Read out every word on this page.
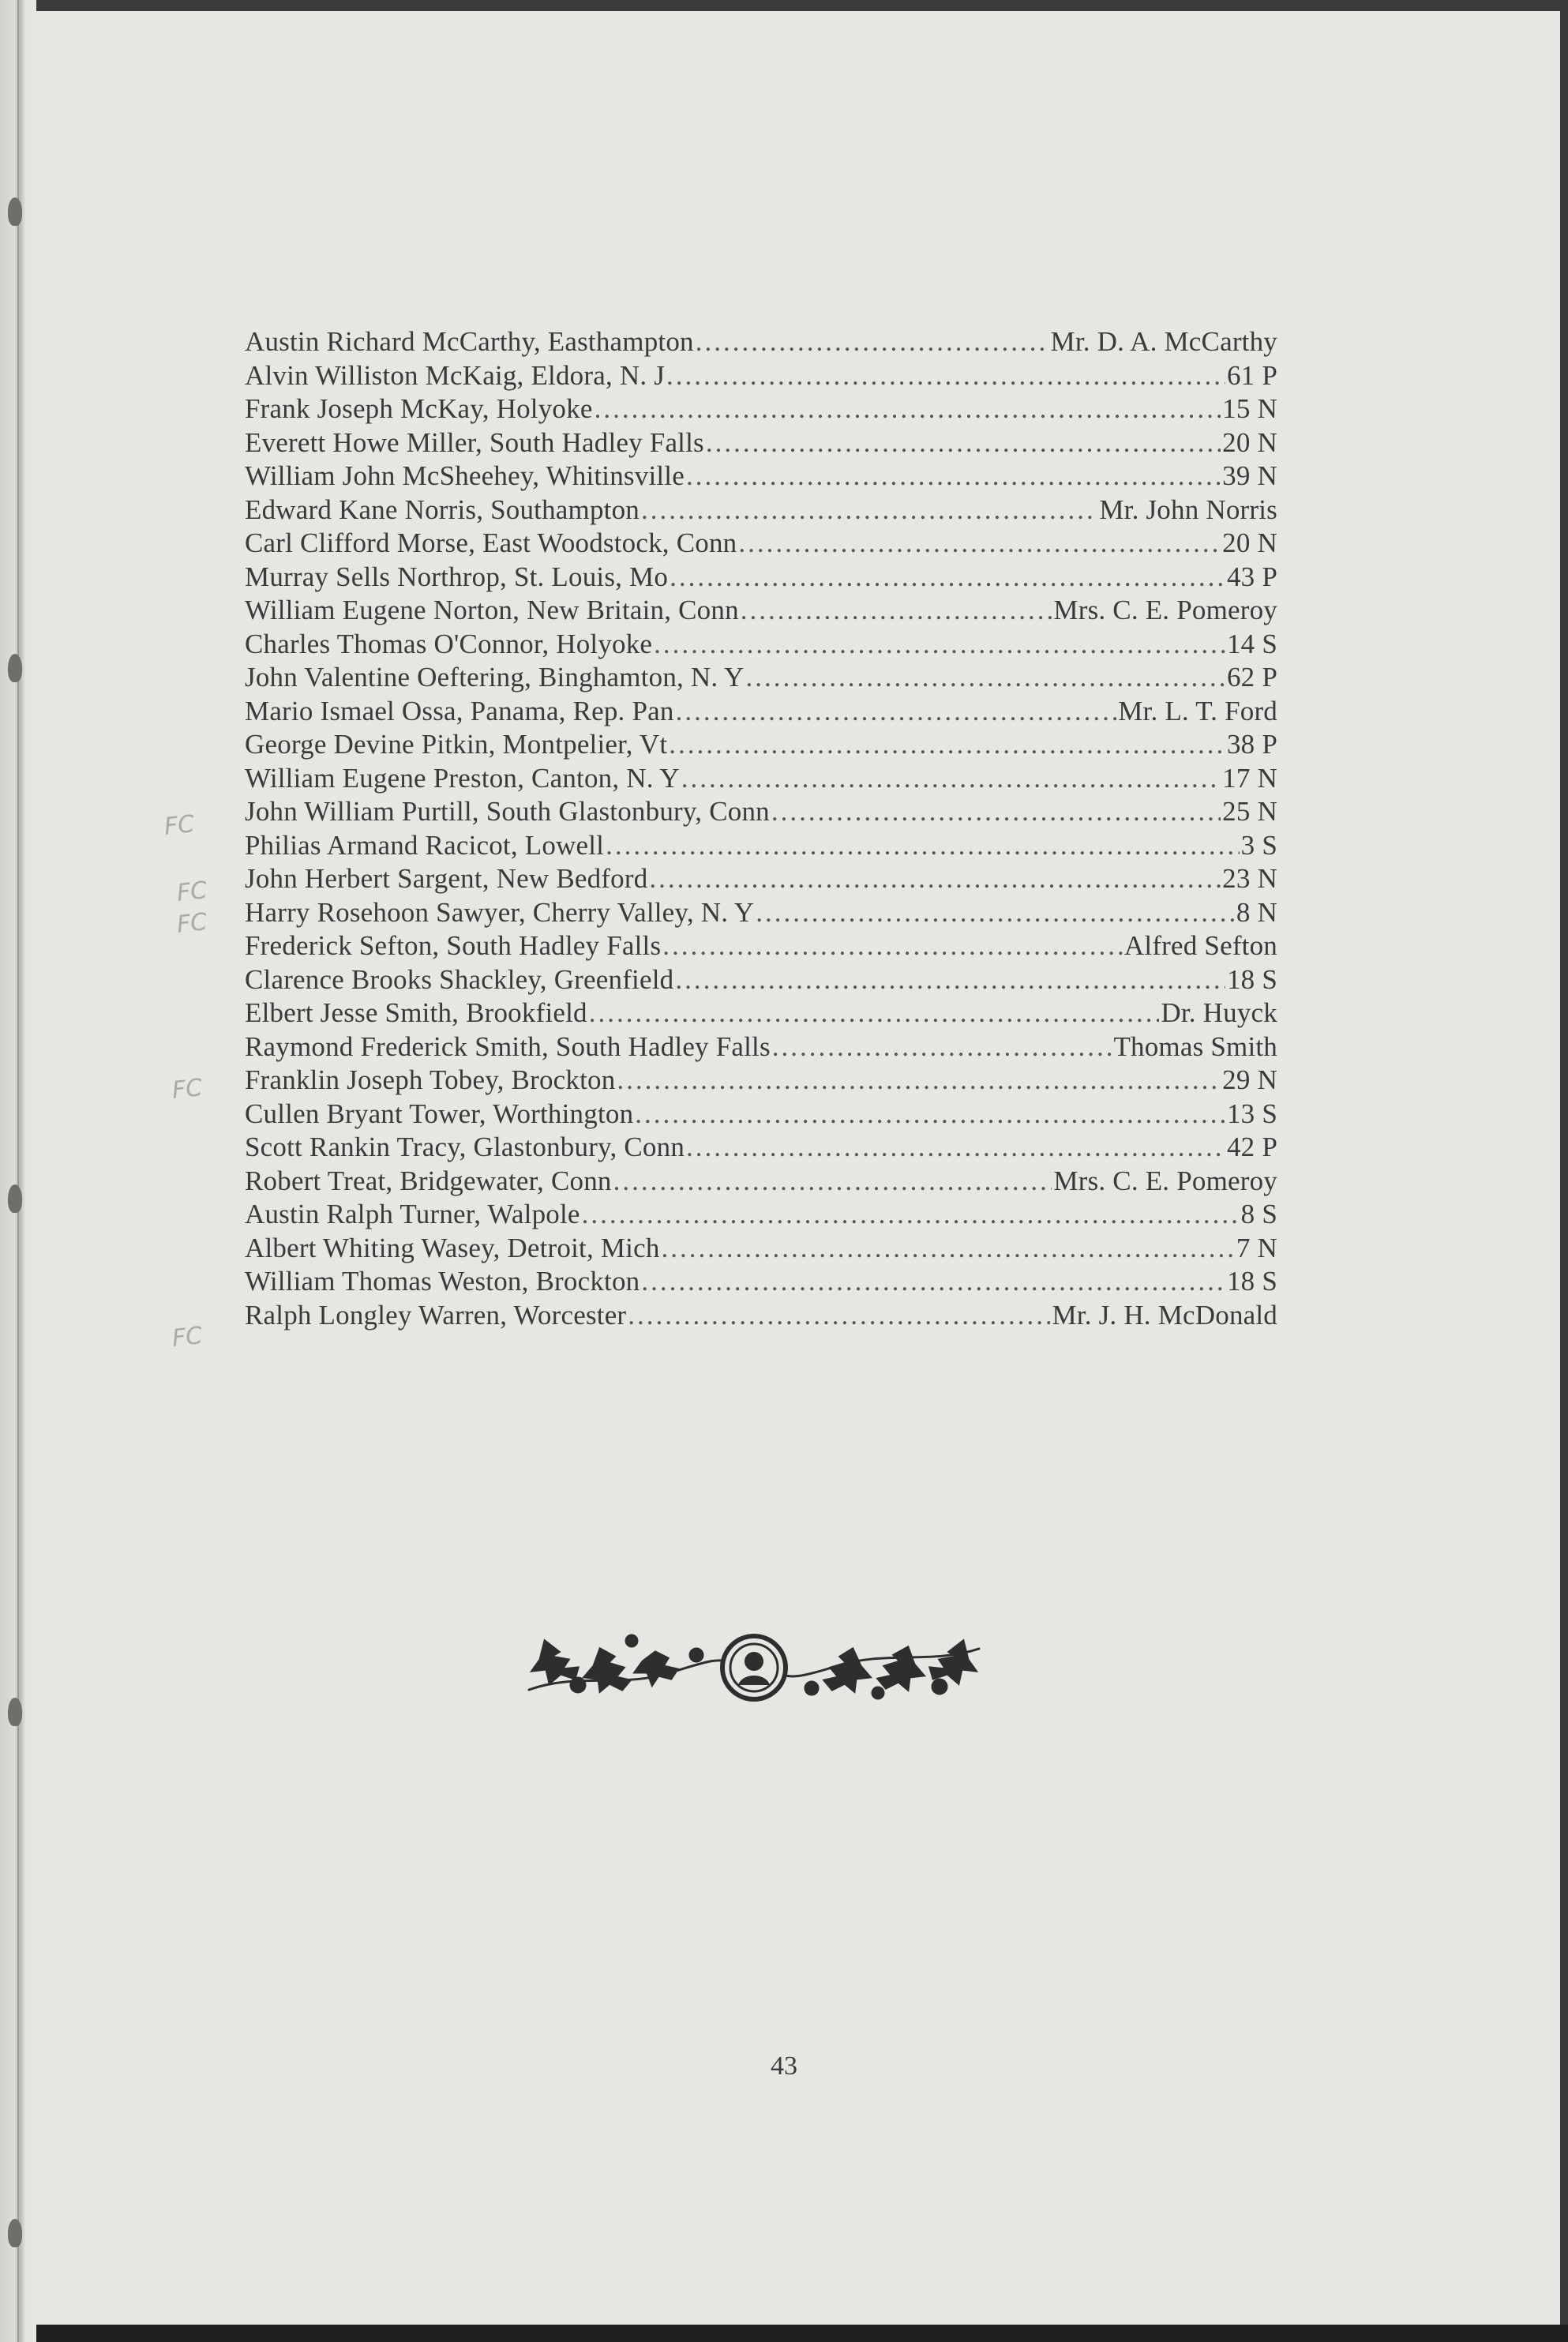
Austin Richard McCarthy, Easthampton .....	Mr. D. A. McCarthy
Alvin Williston McKaig, Eldora, N. J .....	61 P
Frank Joseph McKay, Holyoke .....	15 N
Everett Howe Miller, South Hadley Falls .....	20 N
William John McSheehey, Whitinsville .....	39 N
Edward Kane Norris, Southampton .....	Mr. John Norris
Carl Clifford Morse, East Woodstock, Conn .....	20 N
Murray Sells Northrop, St. Louis, Mo .....	43 P
William Eugene Norton, New Britain, Conn .....	Mrs. C. E. Pomeroy
Charles Thomas O'Connor, Holyoke .....	14 S
John Valentine Oeftering, Binghamton, N. Y .....	62 P
Mario Ismael Ossa, Panama, Rep. Pan .....	Mr. L. T. Ford
George Devine Pitkin, Montpelier, Vt .....	38 P
William Eugene Preston, Canton, N. Y .....	17 N
John William Purtill, South Glastonbury, Conn .....	25 N
Philias Armand Racicot, Lowell .....	3 S
John Herbert Sargent, New Bedford .....	23 N
Harry Rosehoon Sawyer, Cherry Valley, N. Y .....	8 N
Frederick Sefton, South Hadley Falls .....	Alfred Sefton
Clarence Brooks Shackley, Greenfield .....	18 S
Elbert Jesse Smith, Brookfield .....	Dr. Huyck
Raymond Frederick Smith, South Hadley Falls .....	Thomas Smith
Franklin Joseph Tobey, Brockton .....	29 N
Cullen Bryant Tower, Worthington .....	13 S
Scott Rankin Tracy, Glastonbury, Conn .....	42 P
Robert Treat, Bridgewater, Conn .....	Mrs. C. E. Pomeroy
Austin Ralph Turner, Walpole .....	8 S
Albert Whiting Wasey, Detroit, Mich .....	7 N
William Thomas Weston, Brockton .....	18 S
Ralph Longley Warren, Worcester .....	Mr. J. H. McDonald
FC
FC
FC
FC
FC
43
